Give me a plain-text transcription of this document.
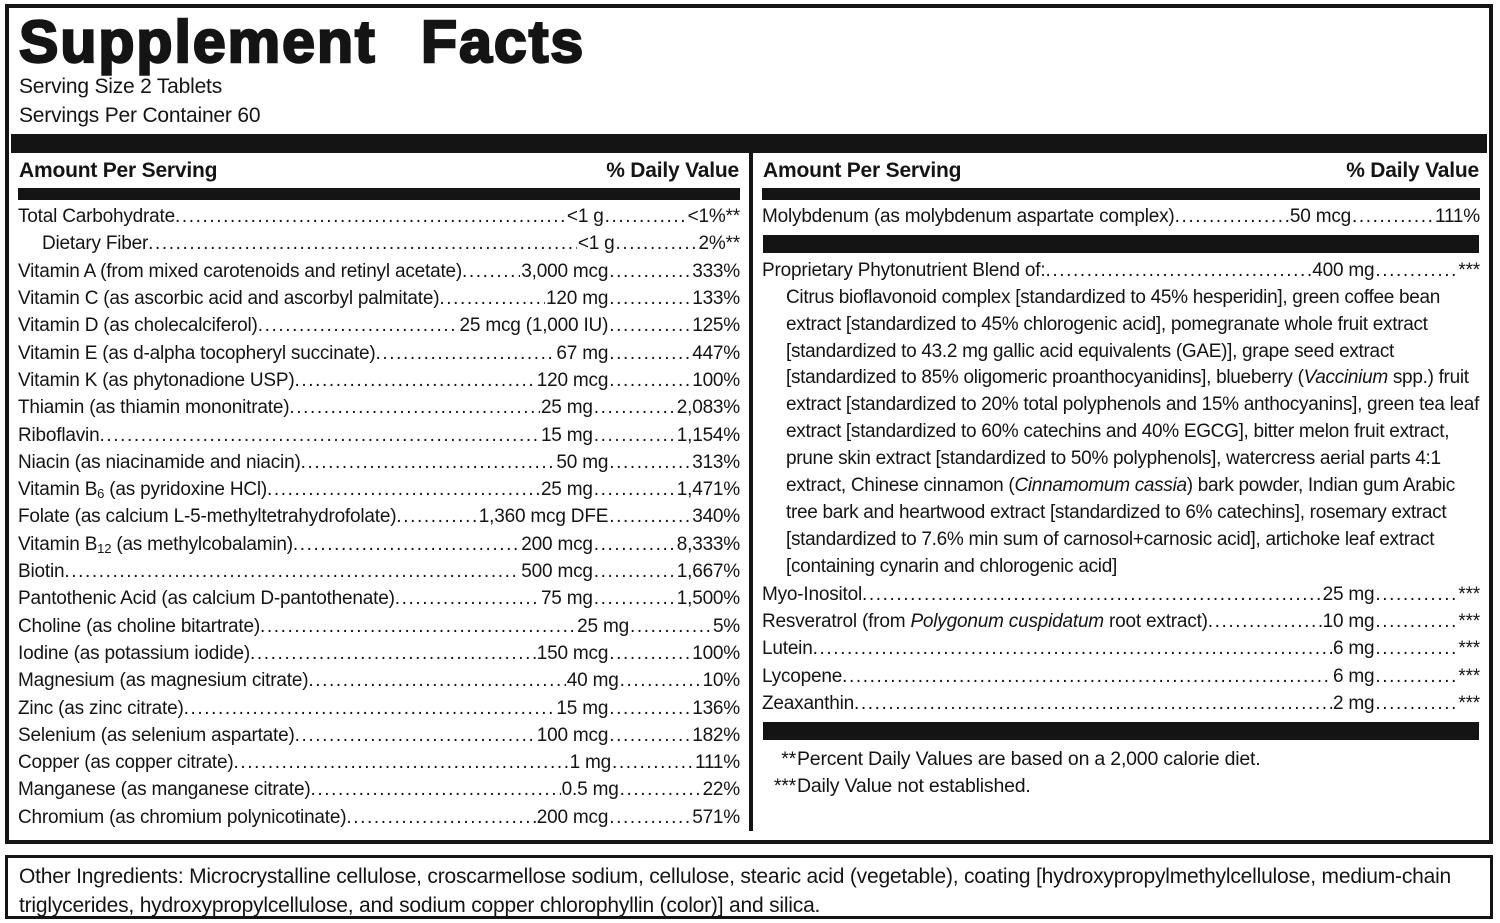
Supplement Facts
Serving Size 2 Tablets
Servings Per Container 60
Amount Per Serving	% Daily Value
Total Carbohydrate .....	<1 g .....	<1%**
Dietary Fiber .....	<1 g .....	2%**
Vitamin A (from mixed carotenoids and retinyl acetate) .....	3,000 mcg .....	333%
Vitamin C (as ascorbic acid and ascorbyl palmitate) .....	120 mg .....	133%
Vitamin D (as cholecalciferol) .....	25 mcg (1,000 IU) .....	125%
Vitamin E (as d-alpha tocopheryl succinate) .....	67 mg .....	447%
Vitamin K (as phytonadione USP) .....	120 mcg .....	100%
Thiamin (as thiamin mononitrate) .....	25 mg .....	2,083%
Riboflavin .....	15 mg .....	1,154%
Niacin (as niacinamide and niacin) .....	50 mg .....	313%
Vitamin $B_6$ (as pyridoxine HCl) .....	25 mg .....	1,471%
Folate (as calcium L-5-methyltetrahydrofolate) .....	1,360 mcg DFE .....	340%
Vitamin $B_{12}$ (as methylcobalamin) .....	200 mcg .....	8,333%
Biotin .....	500 mcg .....	1,667%
Pantothenic Acid (as calcium D-pantothenate) .....	75 mg .....	1,500%
Choline (as choline bitartrate) .....	25 mg .....	5%
Iodine (as potassium iodide) .....	150 mcg .....	100%
Magnesium (as magnesium citrate) .....	40 mg .....	10%
Zinc (as zinc citrate) .....	15 mg .....	136%
Selenium (as selenium aspartate) .....	100 mcg .....	182%
Copper (as copper citrate) .....	1 mg .....	111%
Manganese (as manganese citrate) .....	0.5 mg .....	22%
Chromium (as chromium polynicotinate) .....	200 mcg .....	571%
Amount Per Serving	% Daily Value
Molybdenum (as molybdenum aspartate complex) .....	50 mcg .....	111%
Proprietary Phytonutrient Blend of: .....	400 mg .....	***
Citrus bioflavonoid complex [standardized to 45% hesperidin], green coffee bean extract [standardized to 45% chlorogenic acid], pomegranate whole fruit extract [standardized to 43.2 mg gallic acid equivalents (GAE)], grape seed extract [standardized to 85% oligomeric proanthocyanidins], blueberry (Vaccinium spp.) fruit extract [standardized to 20% total polyphenols and 15% anthocyanins], green tea leaf extract [standardized to 60% catechins and 40% EGCG], bitter melon fruit extract, prune skin extract [standardized to 50% polyphenols], watercress aerial parts 4:1 extract, Chinese cinnamon (Cinnamomum cassia) bark powder, Indian gum Arabic tree bark and heartwood extract [standardized to 6% catechins], rosemary extract [standardized to 7.6% min sum of carnosol+carnosic acid], artichoke leaf extract [containing cynarin and chlorogenic acid]
Myo-Inositol .....	25 mg .....	***
Resveratrol (from Polygonum cuspidatum root extract) .....	10 mg .....	***
Lutein .....	6 mg .....	***
Lycopene .....	6 mg .....	***
Zeaxanthin .....	2 mg .....	***
** Percent Daily Values are based on a 2,000 calorie diet.
*** Daily Value not established.
Other Ingredients: Microcrystalline cellulose, croscarmellose sodium, cellulose, stearic acid (vegetable), coating [hydroxypropylmethylcellulose, medium-chain triglycerides, hydroxypropylcellulose, and sodium copper chlorophyllin (color)] and silica.
